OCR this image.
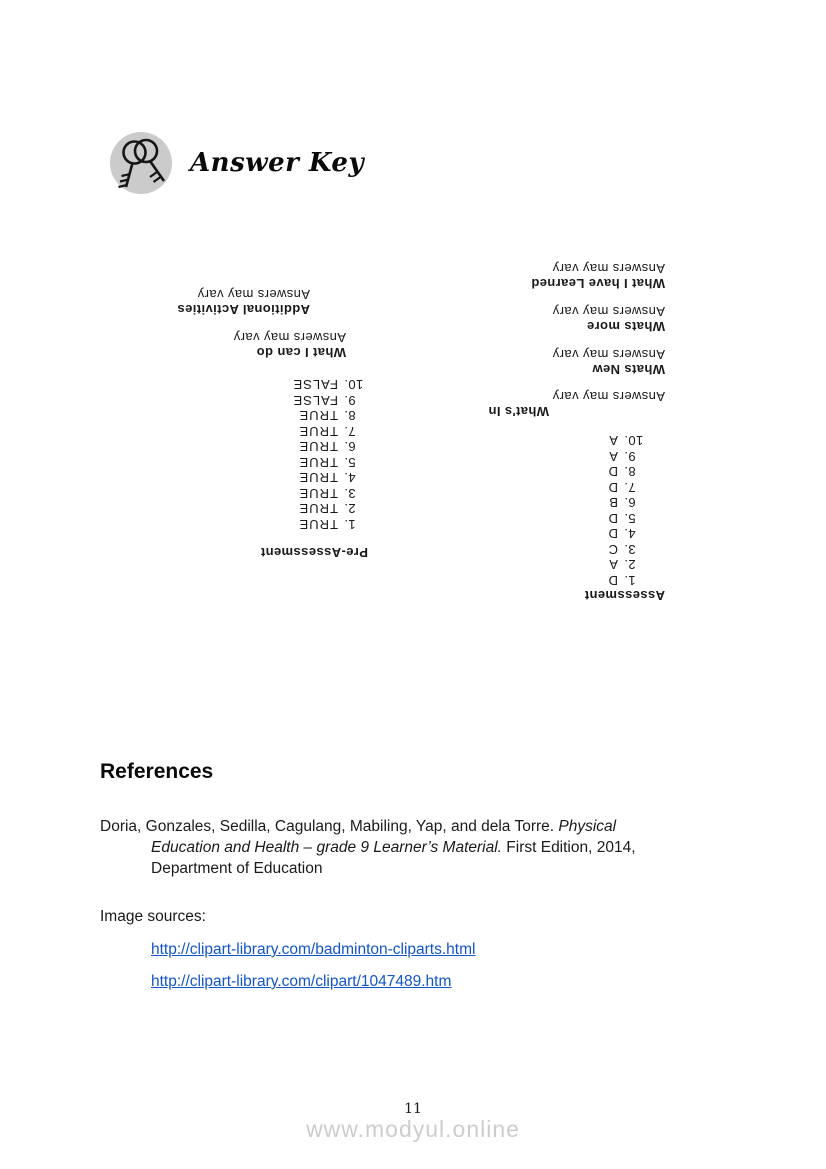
Answer Key
What I have Learned
Answers may vary
Whats more
Answers may vary
Whats New
Answers may vary
What's In
Answers may vary
Assessment
1.
D
2.
A
3.
C
4.
D
5.
D
6.
B
7.
D
8.
D
9.
A
10.
A
Additional Activities
Answers may vary
What I can do
Answers may vary
Pre-Assessment
1.
TRUE
2.
TRUE
3.
TRUE
4.
TRUE
5.
TRUE
6.
TRUE
7.
TRUE
8.
TRUE
9.
FALSE
10.
FALSE
References
Doria, Gonzales, Sedilla, Cagulang, Mabiling, Yap, and dela Torre. Physical
Education and Health – grade 9 Learner’s Material. First Edition, 2014,
Department of Education
Image sources:
http://clipart-library.com/badminton-cliparts.html
http://clipart-library.com/clipart/1047489.htm
11
www.modyul.online
